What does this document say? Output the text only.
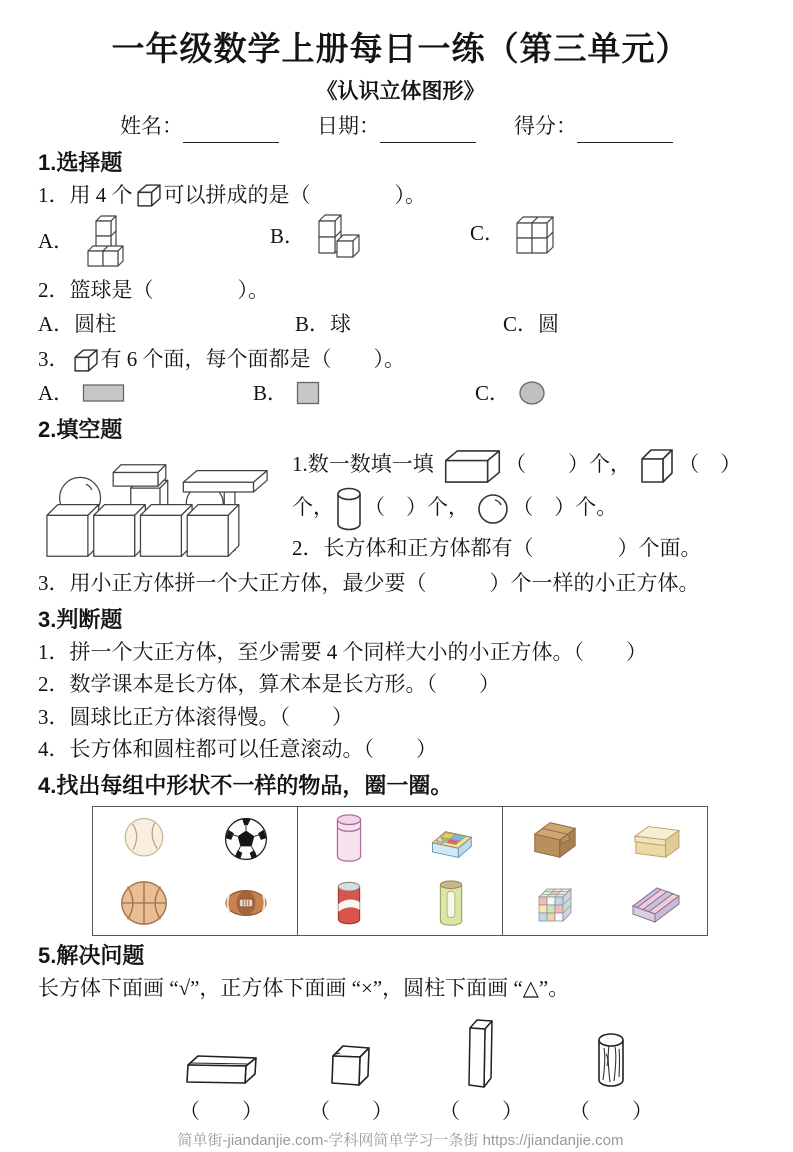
一年级数学上册每日一练（第三单元）
《认识立体图形》
姓名：	日期：	得分：
1.选择题
1．用 4 个 可以拼成的是（　　　　）。
A．	B．	C．
2．篮球是（　　　　）。
A．圆柱	B．球	C．圆
3． 有 6 个面，每个面都是（　　）。
A．	B．	C．
2.填空题
1.数一数填一填	（　　）个， （　）
个， （　）个， （　）个。
2．长方体和正方体都有（　　　　）个面。
3．用小正方体拼一个大正方体，最少要（　　　）个一样的小正方体。
3.判断题
1．拼一个大正方体，至少需要 4 个同样大小的小正方体。（　　）
2．数学课本是长方体，算术本是长方形。（　　）
3．圆球比正方体滚得慢。（　　）
4．长方体和圆柱都可以任意滚动。（　　）
4.找出每组中形状不一样的物品，圈一圈。

5.解决问题
长方体下面画 “√”，正方体下面画 “×”，圆柱下面画 “△”。
（　　） （　　） （　　） （　　）
简单街-jiandanjie.com-学科网简单学习一条街 https://jiandanjie.com
